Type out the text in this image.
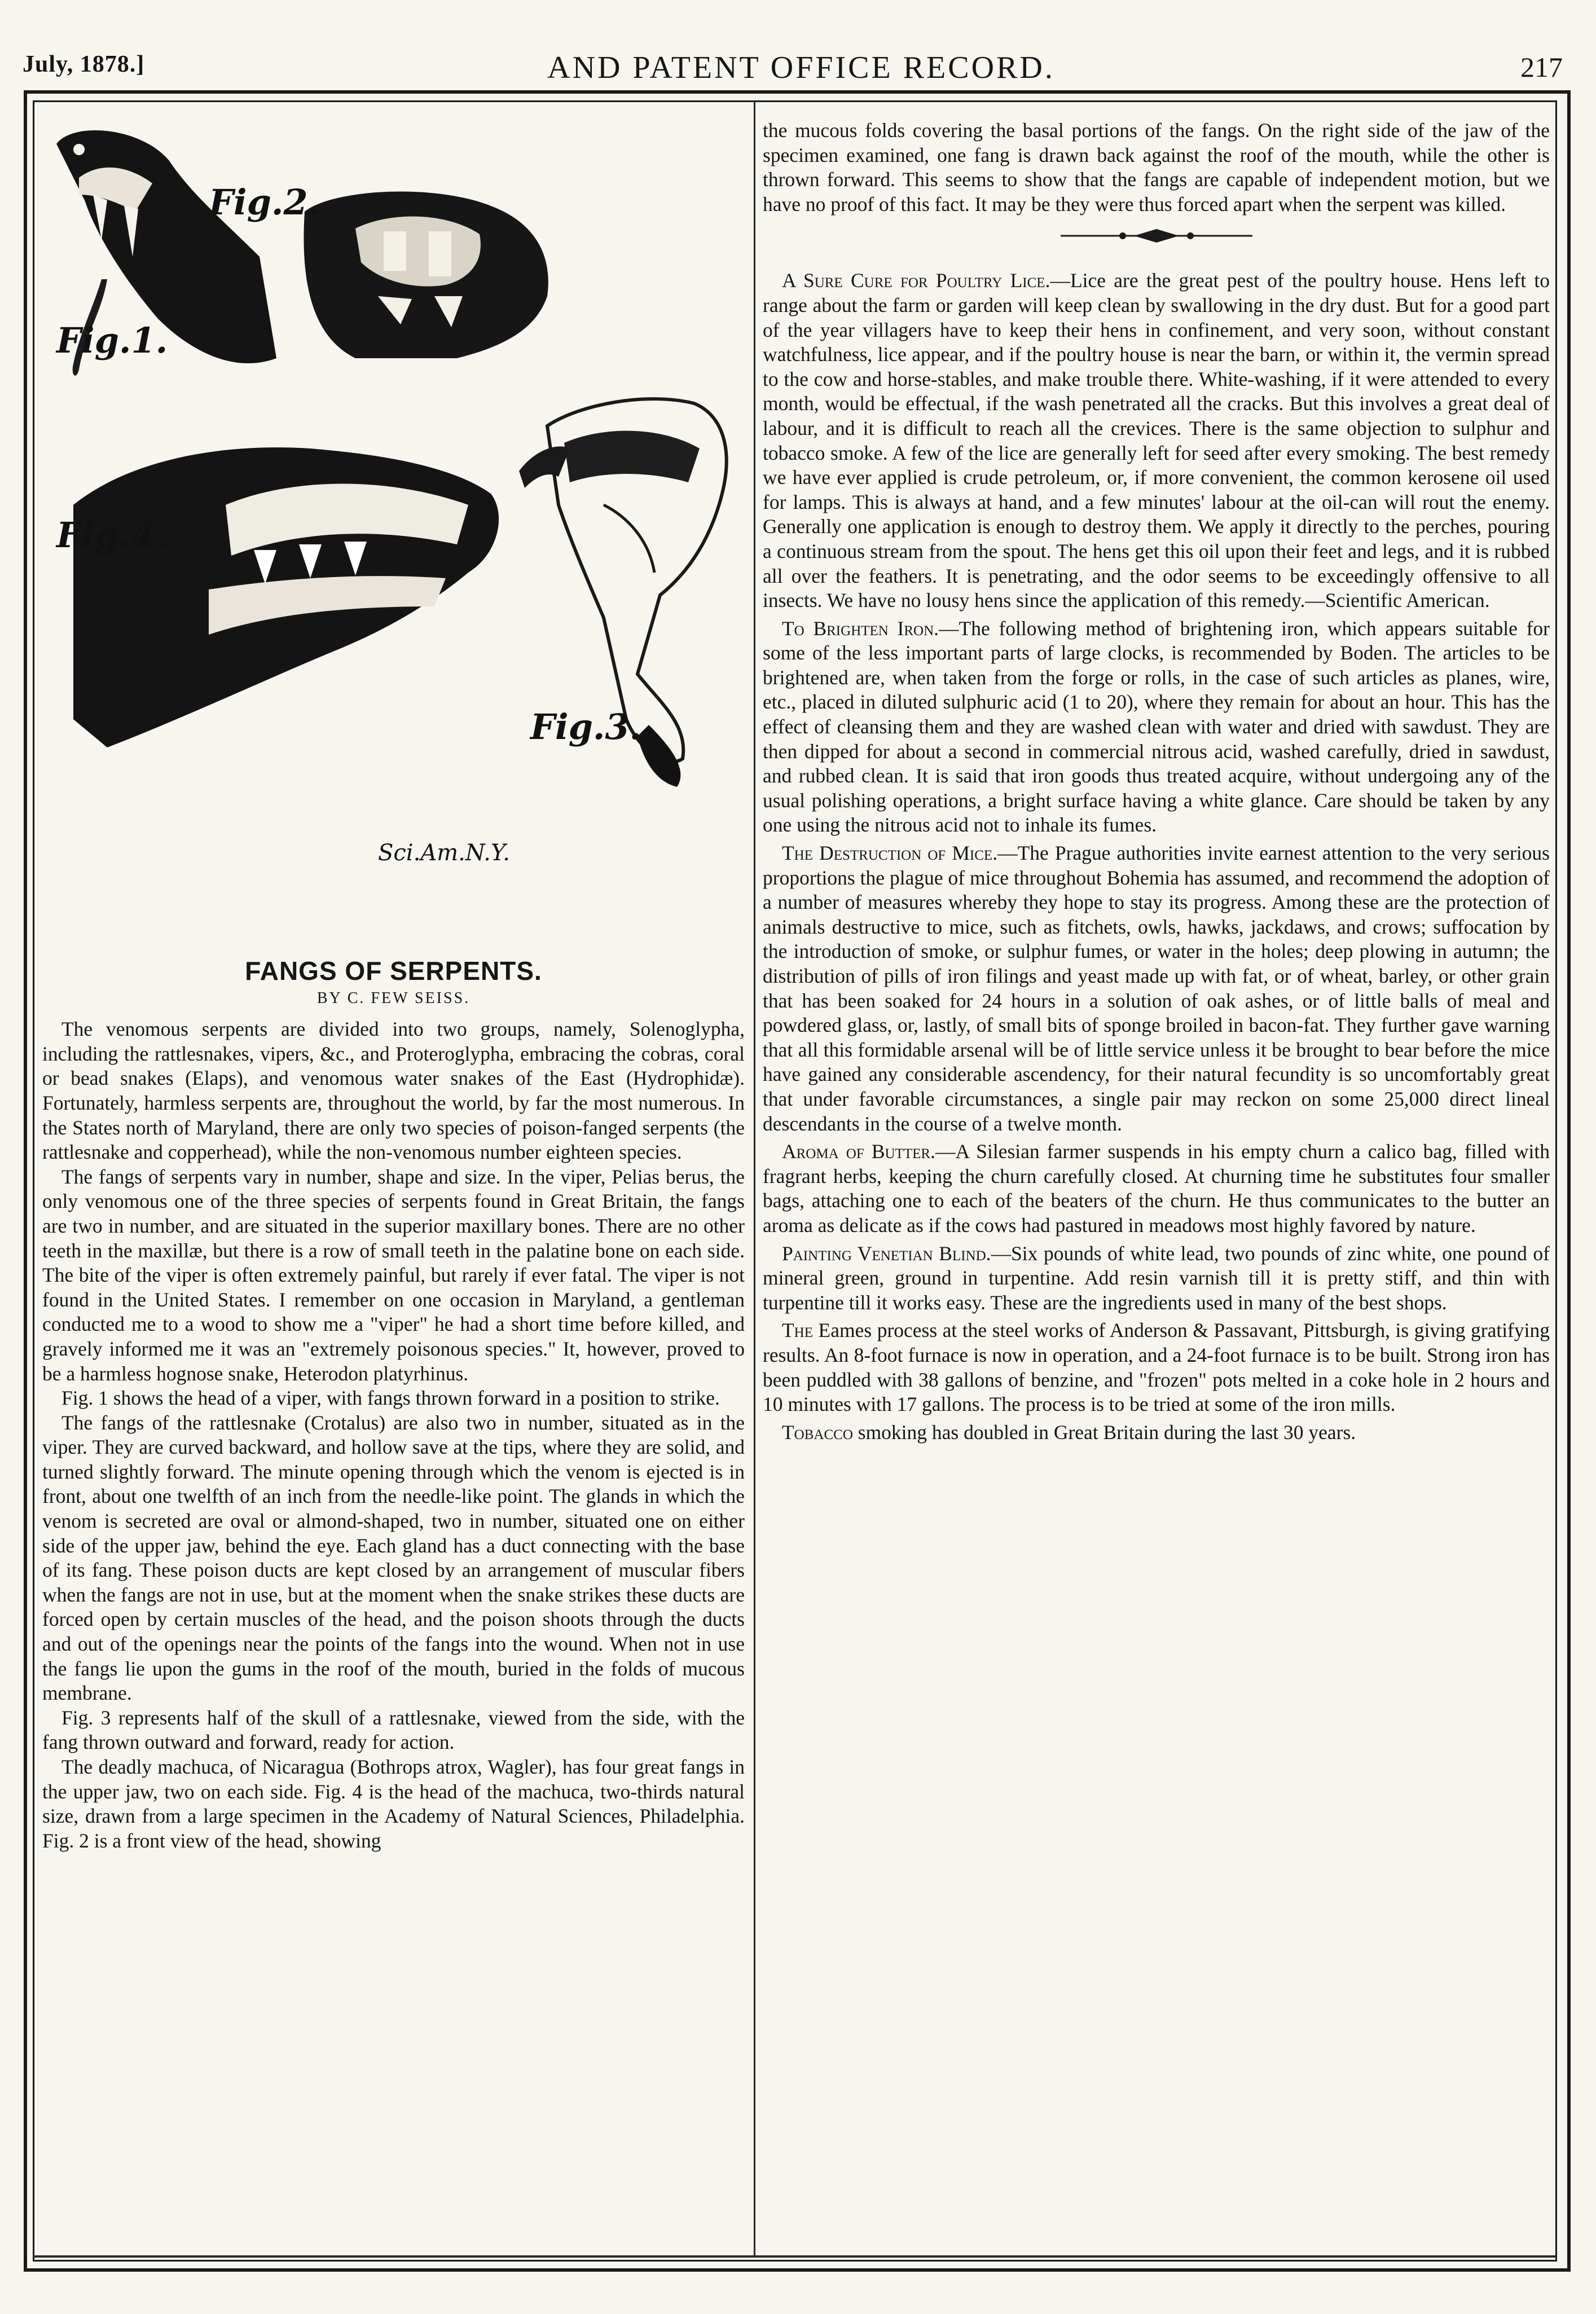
July, 1878.]	AND PATENT OFFICE RECORD.	217
Fig.2.
Fig.1.
Fig.4.
Fig.3.
Sci.Am.N.Y.
FANGS OF SERPENTS.
BY C. FEW SEISS.

The venomous serpents are divided into two groups, namely, Solenoglypha, including the rattlesnakes, vipers, &c., and Proteroglypha, embracing the cobras, coral or bead snakes (Elaps), and venomous water snakes of the East (Hydrophidæ). Fortunately, harmless serpents are, throughout the world, by far the most numerous. In the States north of Maryland, there are only two species of poison-fanged serpents (the rattlesnake and copperhead), while the non-venomous number eighteen species.

The fangs of serpents vary in number, shape and size. In the viper, Pelias berus, the only venomous one of the three species of serpents found in Great Britain, the fangs are two in number, and are situated in the superior maxillary bones. There are no other teeth in the maxillæ, but there is a row of small teeth in the palatine bone on each side. The bite of the viper is often extremely painful, but rarely if ever fatal. The viper is not found in the United States. I remember on one occasion in Maryland, a gentleman conducted me to a wood to show me a "viper" he had a short time before killed, and gravely informed me it was an "extremely poisonous species." It, however, proved to be a harmless hognose snake, Heterodon platyrhinus.

Fig. 1 shows the head of a viper, with fangs thrown forward in a position to strike.

The fangs of the rattlesnake (Crotalus) are also two in number, situated as in the viper. They are curved backward, and hollow save at the tips, where they are solid, and turned slightly forward. The minute opening through which the venom is ejected is in front, about one twelfth of an inch from the needle-like point. The glands in which the venom is secreted are oval or almond-shaped, two in number, situated one on either side of the upper jaw, behind the eye. Each gland has a duct connecting with the base of its fang. These poison ducts are kept closed by an arrangement of muscular fibers when the fangs are not in use, but at the moment when the snake strikes these ducts are forced open by certain muscles of the head, and the poison shoots through the ducts and out of the openings near the points of the fangs into the wound. When not in use the fangs lie upon the gums in the roof of the mouth, buried in the folds of mucous membrane.

Fig. 3 represents half of the skull of a rattlesnake, viewed from the side, with the fang thrown outward and forward, ready for action.

The deadly machuca, of Nicaragua (Bothrops atrox, Wagler), has four great fangs in the upper jaw, two on each side. Fig. 4 is the head of the machuca, two-thirds natural size, drawn from a large specimen in the Academy of Natural Sciences, Philadelphia. Fig. 2 is a front view of the head, showing

the mucous folds covering the basal portions of the fangs. On the right side of the jaw of the specimen examined, one fang is drawn back against the roof of the mouth, while the other is thrown forward. This seems to show that the fangs are capable of independent motion, but we have no proof of this fact. It may be they were thus forced apart when the serpent was killed.

A Sure Cure for Poultry Lice.—Lice are the great pest of the poultry house. Hens left to range about the farm or garden will keep clean by swallowing in the dry dust. But for a good part of the year villagers have to keep their hens in confinement, and very soon, without constant watchfulness, lice appear, and if the poultry house is near the barn, or within it, the vermin spread to the cow and horse-stables, and make trouble there. White-washing, if it were attended to every month, would be effectual, if the wash penetrated all the cracks. But this involves a great deal of labour, and it is difficult to reach all the crevices. There is the same objection to sulphur and tobacco smoke. A few of the lice are generally left for seed after every smoking. The best remedy we have ever applied is crude petroleum, or, if more convenient, the common kerosene oil used for lamps. This is always at hand, and a few minutes' labour at the oil-can will rout the enemy. Generally one application is enough to destroy them. We apply it directly to the perches, pouring a continuous stream from the spout. The hens get this oil upon their feet and legs, and it is rubbed all over the feathers. It is penetrating, and the odor seems to be exceedingly offensive to all insects. We have no lousy hens since the application of this remedy.—Scientific American.

To Brighten Iron.—The following method of brightening iron, which appears suitable for some of the less important parts of large clocks, is recommended by Boden. The articles to be brightened are, when taken from the forge or rolls, in the case of such articles as planes, wire, etc., placed in diluted sulphuric acid (1 to 20), where they remain for about an hour. This has the effect of cleansing them and they are washed clean with water and dried with sawdust. They are then dipped for about a second in commercial nitrous acid, washed carefully, dried in sawdust, and rubbed clean. It is said that iron goods thus treated acquire, without undergoing any of the usual polishing operations, a bright surface having a white glance. Care should be taken by any one using the nitrous acid not to inhale its fumes.

The Destruction of Mice.—The Prague authorities invite earnest attention to the very serious proportions the plague of mice throughout Bohemia has assumed, and recommend the adoption of a number of measures whereby they hope to stay its progress. Among these are the protection of animals destructive to mice, such as fitchets, owls, hawks, jackdaws, and crows; suffocation by the introduction of smoke, or sulphur fumes, or water in the holes; deep plowing in autumn; the distribution of pills of iron filings and yeast made up with fat, or of wheat, barley, or other grain that has been soaked for 24 hours in a solution of oak ashes, or of little balls of meal and powdered glass, or, lastly, of small bits of sponge broiled in bacon-fat. They further gave warning that all this formidable arsenal will be of little service unless it be brought to bear before the mice have gained any considerable ascendency, for their natural fecundity is so uncomfortably great that under favorable circumstances, a single pair may reckon on some 25,000 direct lineal descendants in the course of a twelve month.

Aroma of Butter.—A Silesian farmer suspends in his empty churn a calico bag, filled with fragrant herbs, keeping the churn carefully closed. At churning time he substitutes four smaller bags, attaching one to each of the beaters of the churn. He thus communicates to the butter an aroma as delicate as if the cows had pastured in meadows most highly favored by nature.

Painting Venetian Blind.—Six pounds of white lead, two pounds of zinc white, one pound of mineral green, ground in turpentine. Add resin varnish till it is pretty stiff, and thin with turpentine till it works easy. These are the ingredients used in many of the best shops.

The Eames process at the steel works of Anderson & Passavant, Pittsburgh, is giving gratifying results. An 8-foot furnace is now in operation, and a 24-foot furnace is to be built. Strong iron has been puddled with 38 gallons of benzine, and "frozen" pots melted in a coke hole in 2 hours and 10 minutes with 17 gallons. The process is to be tried at some of the iron mills.

Tobacco smoking has doubled in Great Britain during the last 30 years.
